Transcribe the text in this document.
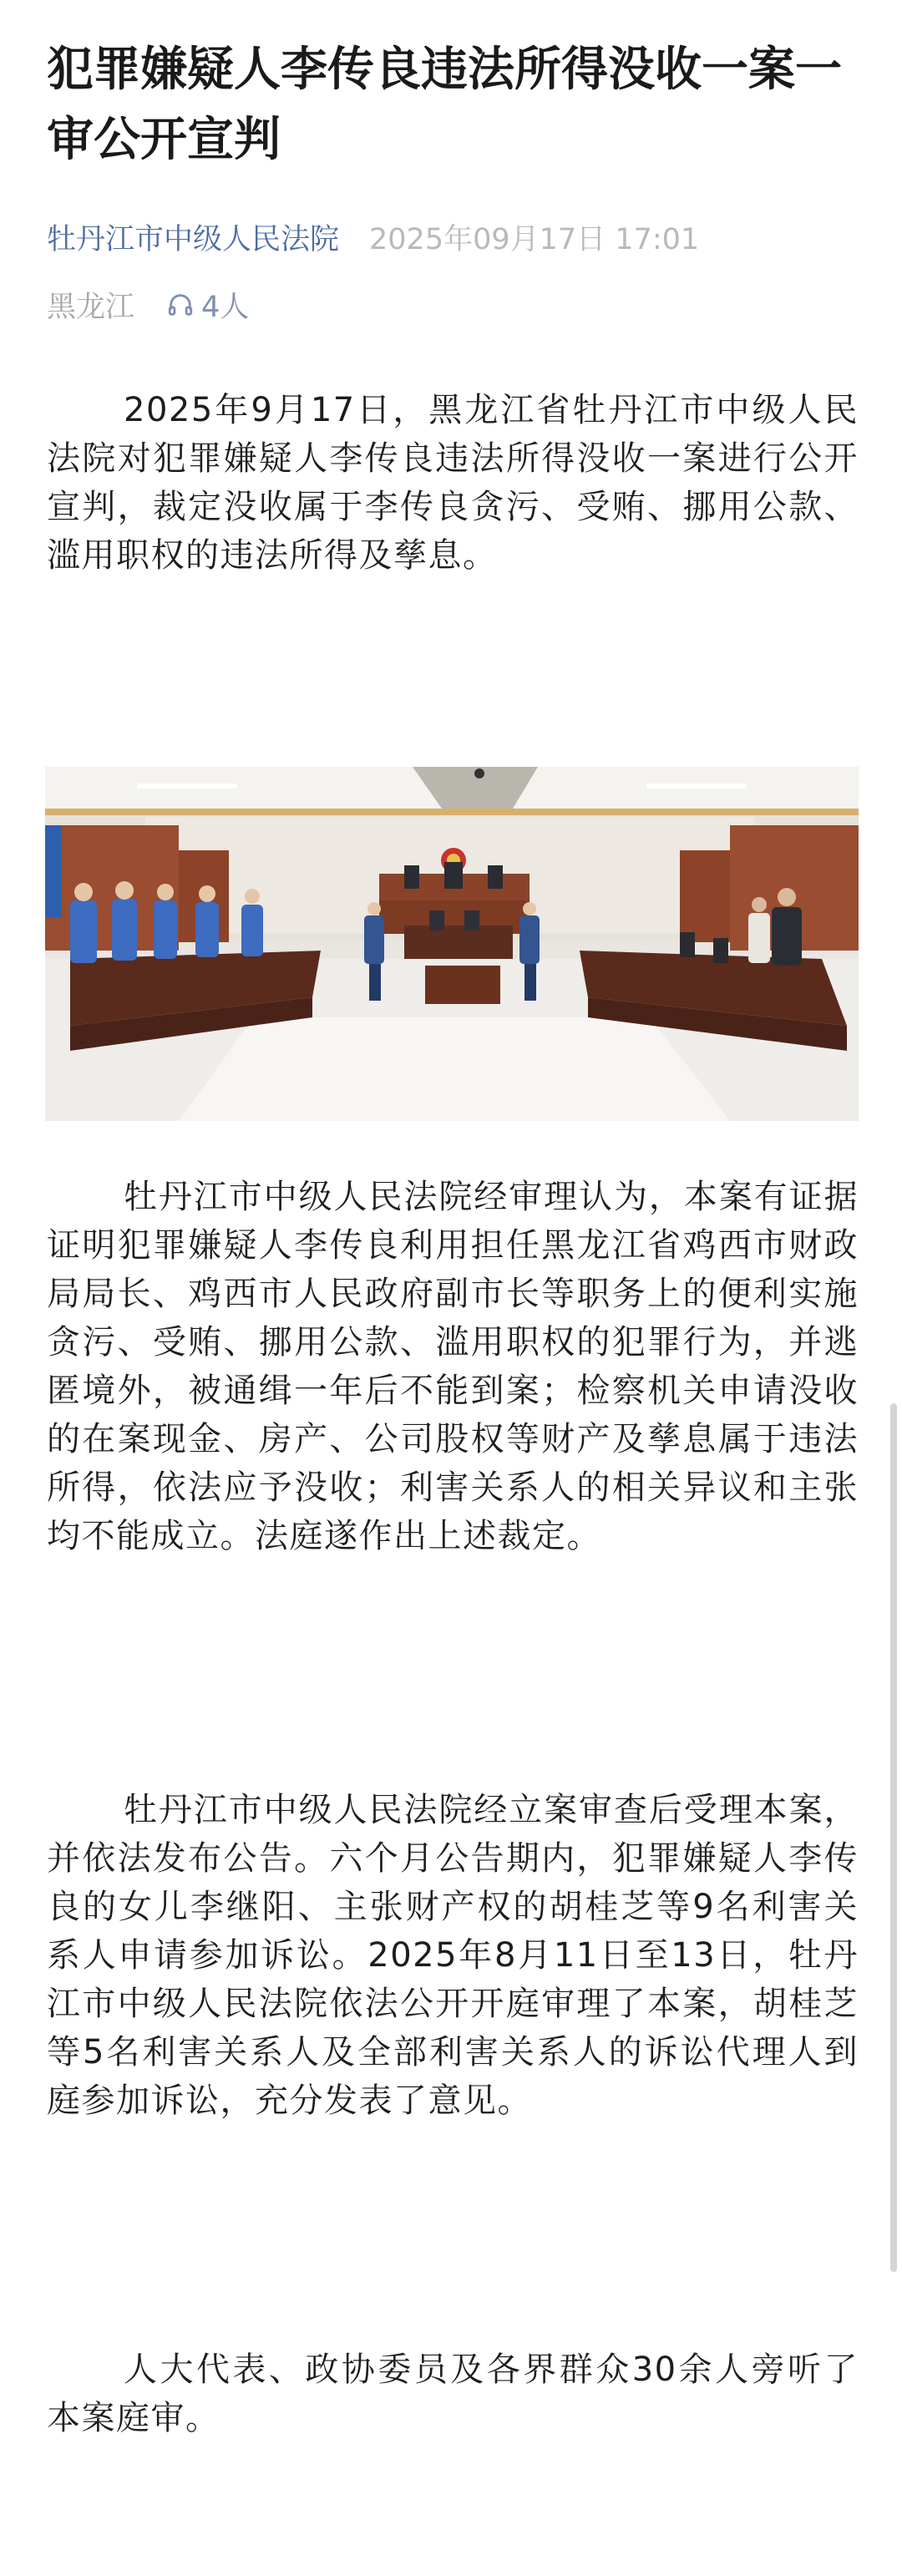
犯罪嫌疑人李传良违法所得没收一案一审公开宣判
牡丹江市中级人民法院 2025年09月17日 17:01
黑龙江 4人

2025年9月17日，黑龙江省牡丹江市中级人民法院对犯罪嫌疑人李传良违法所得没收一案进行公开宣判，裁定没收属于李传良贪污、受贿、挪用公款、滥用职权的违法所得及孳息。

牡丹江市中级人民法院经审理认为，本案有证据证明犯罪嫌疑人李传良利用担任黑龙江省鸡西市财政局局长、鸡西市人民政府副市长等职务上的便利实施贪污、受贿、挪用公款、滥用职权的犯罪行为，并逃匿境外，被通缉一年后不能到案；检察机关申请没收的在案现金、房产、公司股权等财产及孳息属于违法所得，依法应予没收；利害关系人的相关异议和主张均不能成立。法庭遂作出上述裁定。

牡丹江市中级人民法院经立案审查后受理本案，并依法发布公告。六个月公告期内，犯罪嫌疑人李传良的女儿李继阳、主张财产权的胡桂芝等9名利害关系人申请参加诉讼。2025年8月11日至13日，牡丹江市中级人民法院依法公开开庭审理了本案，胡桂芝等5名利害关系人及全部利害关系人的诉讼代理人到庭参加诉讼，充分发表了意见。

人大代表、政协委员及各界群众30余人旁听了本案庭审。
